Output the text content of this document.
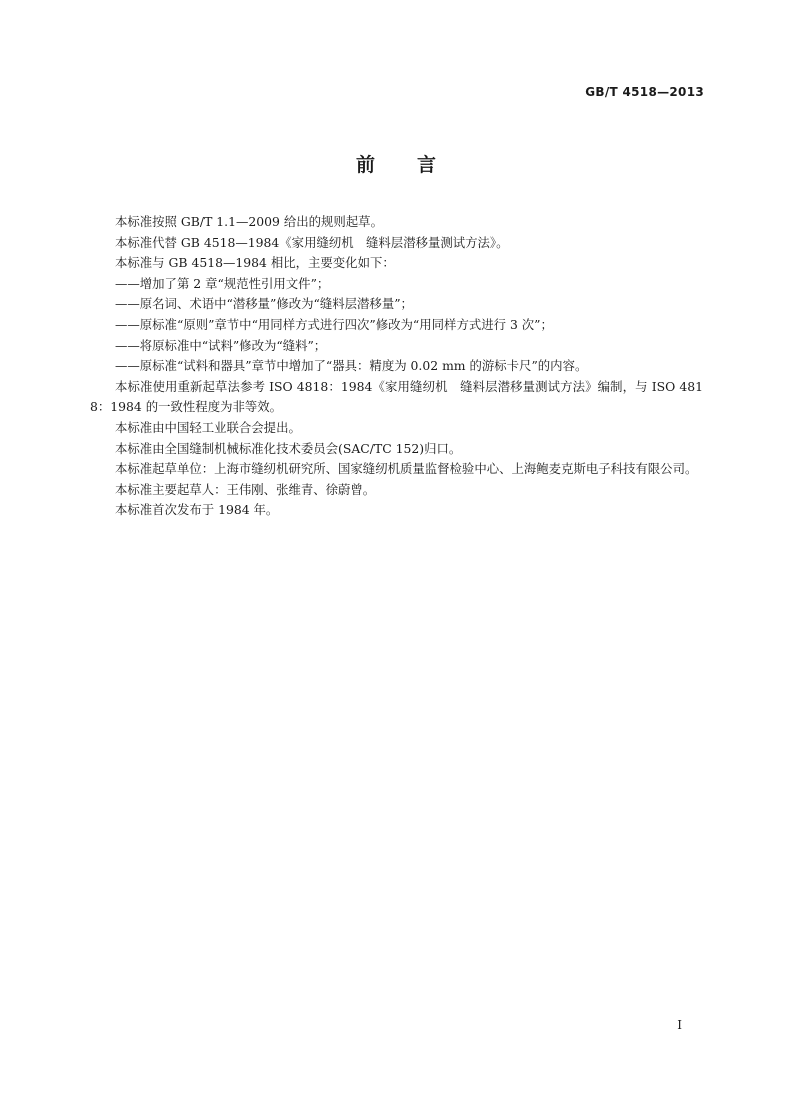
GB/T 4518—2013
前言

本标准按照 GB/T 1.1—2009 给出的规则起草。

本标准代替 GB 4518—1984《家用缝纫机　缝料层潜移量测试方法》。

本标准与 GB 4518—1984 相比，主要变化如下：

——增加了第 2 章“规范性引用文件”；

——原名词、术语中“潜移量”修改为“缝料层潜移量”；

——原标准“原则”章节中“用同样方式进行四次”修改为“用同样方式进行 3 次”；

——将原标准中“试料”修改为“缝料”；

——原标准“试料和器具”章节中增加了“器具：精度为 0.02 mm 的游标卡尺”的内容。

本标准使用重新起草法参考 ISO 4818：1984《家用缝纫机　缝料层潜移量测试方法》编制，与 ISO 4818：1984 的一致性程度为非等效。

本标准由中国轻工业联合会提出。

本标准由全国缝制机械标准化技术委员会(SAC/TC 152)归口。

本标准起草单位：上海市缝纫机研究所、国家缝纫机质量监督检验中心、上海鲍麦克斯电子科技有限公司。

本标准主要起草人：王伟刚、张维青、徐蔚曾。

本标准首次发布于 1984 年。

I
